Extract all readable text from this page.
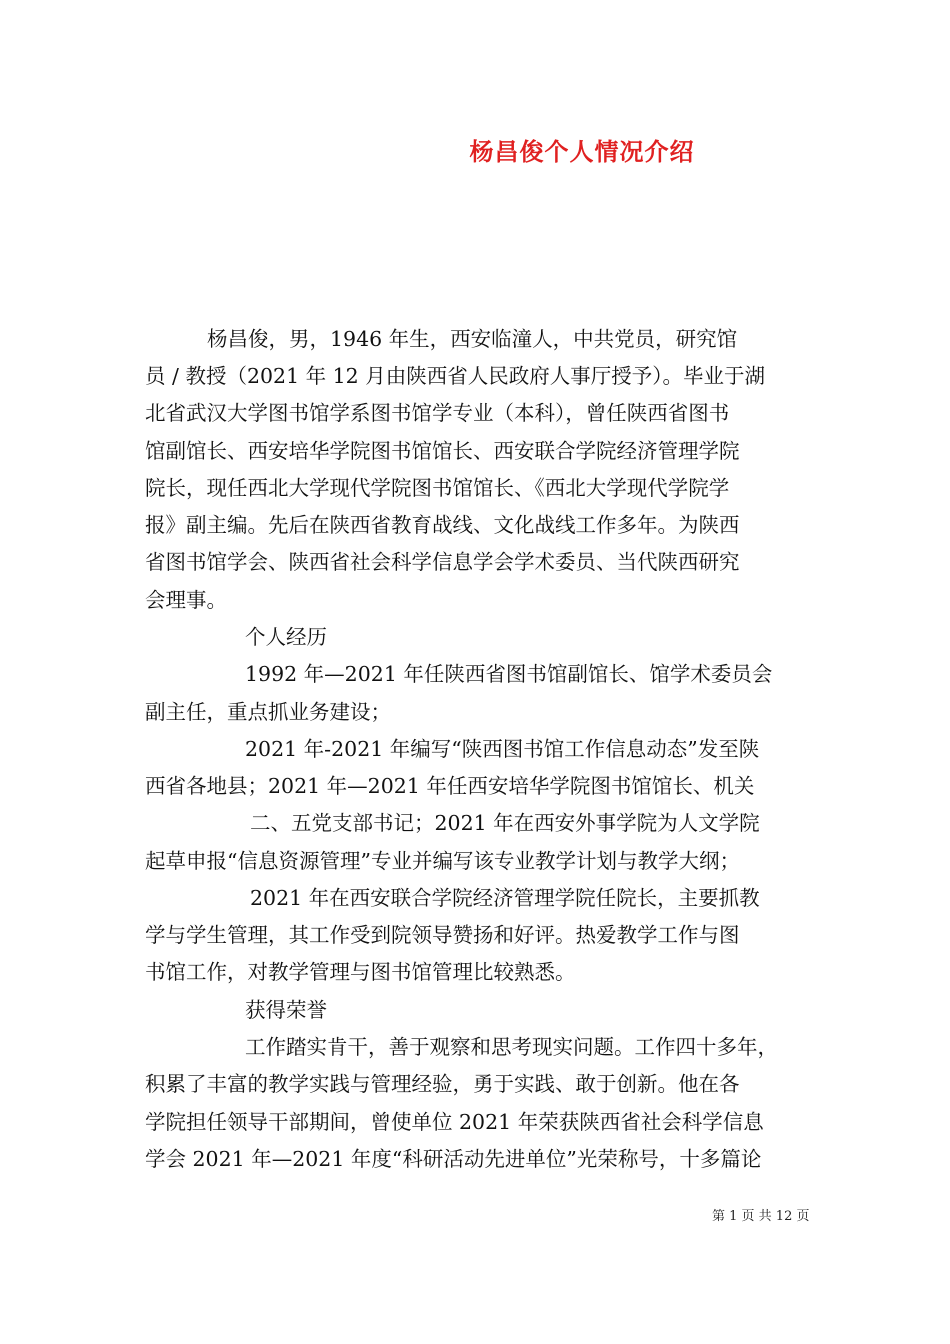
杨昌俊个人情况介绍

杨昌俊，男，1946 年生，西安临潼人，中共党员，研究馆

员 / 教授（2021 年 12 月由陕西省人民政府人事厅授予）。毕业于湖

北省武汉大学图书馆学系图书馆学专业（本科），曾任陕西省图书

馆副馆长、西安培华学院图书馆馆长、西安联合学院经济管理学院

院长，现任西北大学现代学院图书馆馆长、《西北大学现代学院学

报》副主编。先后在陕西省教育战线、文化战线工作多年。为陕西

省图书馆学会、陕西省社会科学信息学会学术委员、当代陕西研究

会理事。

个人经历

1992 年—2021 年任陕西省图书馆副馆长、馆学术委员会

副主任，重点抓业务建设；

2021 年-2021 年编写“陕西图书馆工作信息动态”发至陕

西省各地县；2021 年—2021 年任西安培华学院图书馆馆长、机关

二、五党支部书记；2021 年在西安外事学院为人文学院

起草申报“信息资源管理”专业并编写该专业教学计划与教学大纲；

2021 年在西安联合学院经济管理学院任院长，主要抓教

学与学生管理，其工作受到院领导赞扬和好评。热爱教学工作与图

书馆工作，对教学管理与图书馆管理比较熟悉。

获得荣誉

工作踏实肯干，善于观察和思考现实问题。工作四十多年，

积累了丰富的教学实践与管理经验，勇于实践、敢于创新。他在各

学院担任领导干部期间，曾使单位 2021 年荣获陕西省社会科学信息

学会 2021 年—2021 年度“科研活动先进单位”光荣称号，十多篇论

第 1 页 共 12 页
